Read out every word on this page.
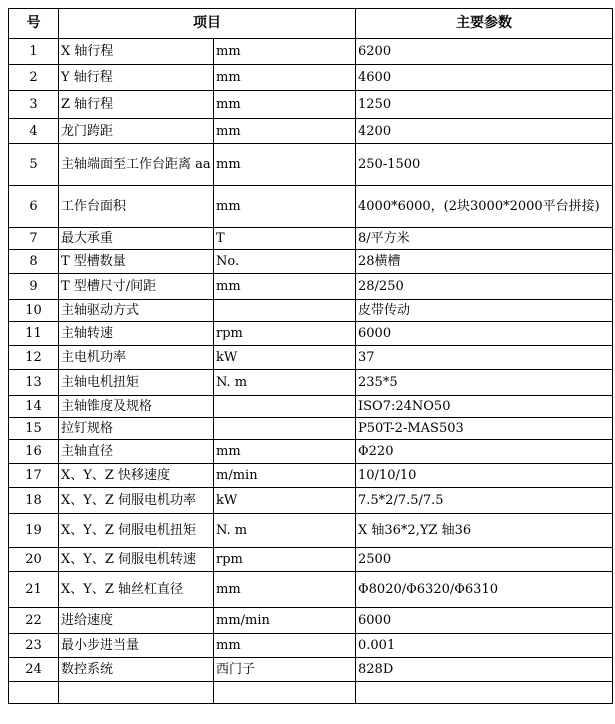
号	项目		主要参数
1	X 轴行程	mm	6200
2	Y 轴行程	mm	4600
3	Z 轴行程	mm	1250
4	龙门跨距	mm	4200
5	主轴端面至工作台距离 aa	mm	250-1500
6	工作台面积	mm	4000*6000，(2块3000*2000平台拼接)
7	最大承重	T	8/平方米
8	T 型槽数量	No.	28横槽
9	T 型槽尺寸/间距	mm	28/250
10	主轴驱动方式		皮带传动
11	主轴转速	rpm	6000
12	主电机功率	kW	37
13	主轴电机扭矩	N. m	235*5
14	主轴锥度及规格		ISO7:24NO50
15	拉钉规格		P50T-2-MAS503
16	主轴直径	mm	Φ220
17	X、Y、Z 快移速度	m/min	10/10/10
18	X、Y、Z 伺服电机功率	kW	7.5*2/7.5/7.5
19	X、Y、Z 伺服电机扭矩	N. m	X 轴36*2,YZ 轴36
20	X、Y、Z 伺服电机转速	rpm	2500
21	X、Y、Z 轴丝杠直径	mm	Φ8020/Φ6320/Φ6310
22	进给速度	mm/min	6000
23	最小步进当量	mm	0.001
24	数控系统	西门子	828D
